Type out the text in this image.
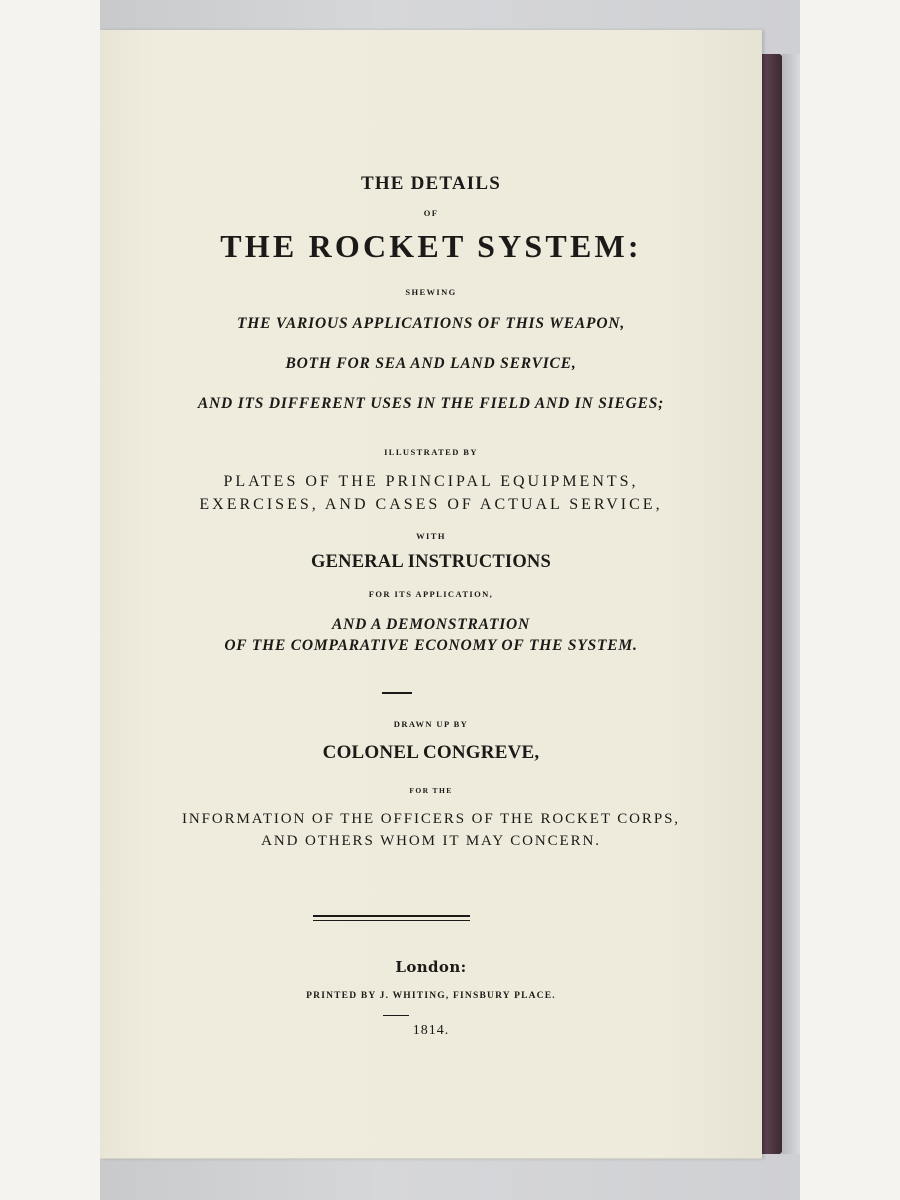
THE DETAILS
OF
THE ROCKET SYSTEM:
SHEWING
THE VARIOUS APPLICATIONS OF THIS WEAPON,
BOTH FOR SEA AND LAND SERVICE,
AND ITS DIFFERENT USES IN THE FIELD AND IN SIEGES;
ILLUSTRATED BY
PLATES OF THE PRINCIPAL EQUIPMENTS,
EXERCISES, AND CASES OF ACTUAL SERVICE,
WITH
GENERAL INSTRUCTIONS
FOR ITS APPLICATION,
AND A DEMONSTRATION
OF THE COMPARATIVE ECONOMY OF THE SYSTEM.
DRAWN UP BY
COLONEL CONGREVE,
FOR THE
INFORMATION OF THE OFFICERS OF THE ROCKET CORPS,
AND OTHERS WHOM IT MAY CONCERN.
London:
PRINTED BY J. WHITING, FINSBURY PLACE.
1814.
